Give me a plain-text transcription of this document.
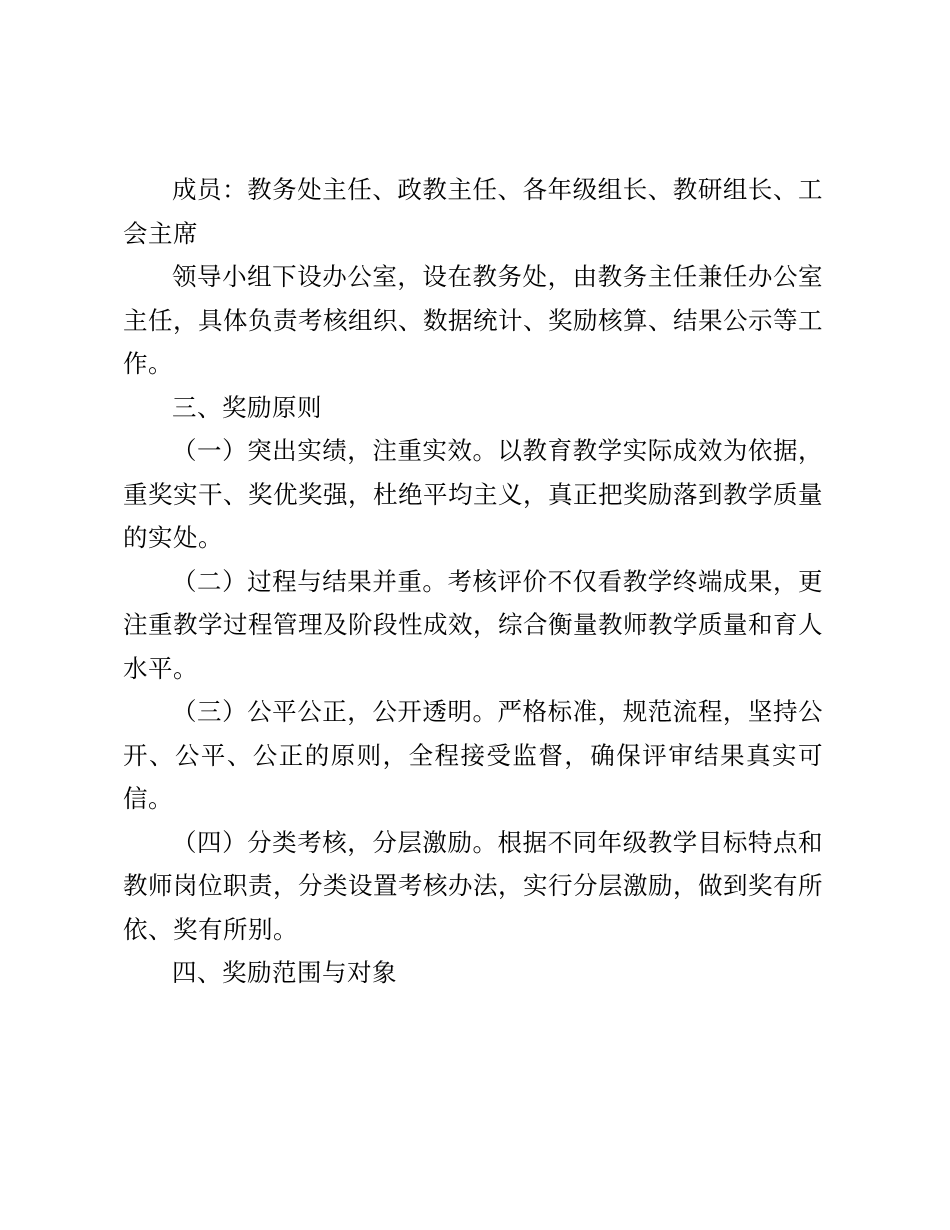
成员：教务处主任、政教主任、各年级组长、教研组长、工会主席

领导小组下设办公室，设在教务处，由教务主任兼任办公室主任，具体负责考核组织、数据统计、奖励核算、结果公示等工作。

三、奖励原则

（一）突出实绩，注重实效。以教育教学实际成效为依据，重奖实干、奖优奖强，杜绝平均主义，真正把奖励落到教学质量的实处。

（二）过程与结果并重。考核评价不仅看教学终端成果，更注重教学过程管理及阶段性成效，综合衡量教师教学质量和育人水平。

（三）公平公正，公开透明。严格标准，规范流程，坚持公开、公平、公正的原则，全程接受监督，确保评审结果真实可信。

（四）分类考核，分层激励。根据不同年级教学目标特点和教师岗位职责，分类设置考核办法，实行分层激励，做到奖有所依、奖有所别。

四、奖励范围与对象
